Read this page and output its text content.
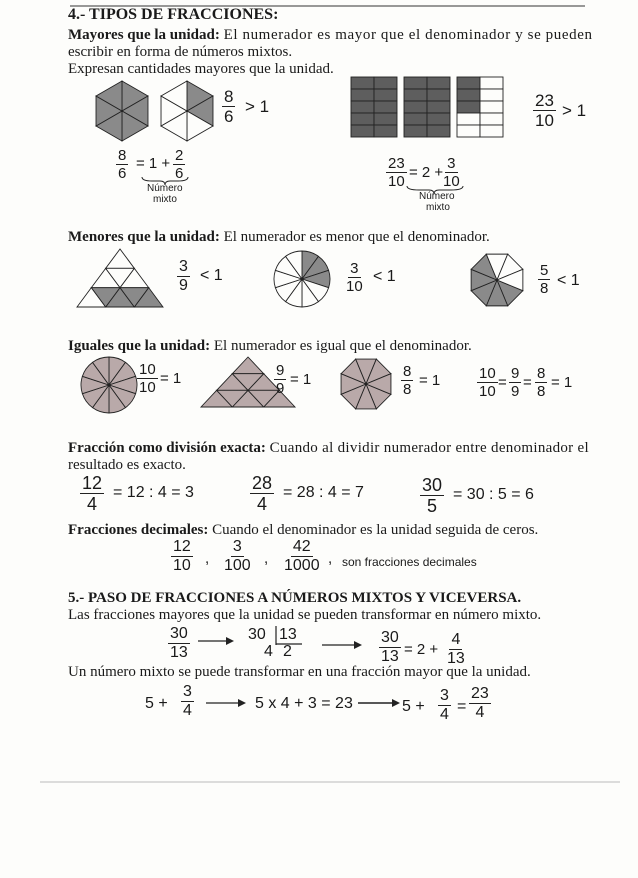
4.- TIPOS DE FRACCIONES:
Mayores que la unidad: El numerador es mayor que el denominador y se pueden
escribir en forma de números mixtos.
Expresan cantidades mayores que la unidad.
$\frac{8}{6} > 1$	$\frac{23}{10} > 1$
$\frac{8}{6} = 1 + \frac{2}{6}$
Número
mixto
$\frac{23}{10} = 2 + \frac{3}{10}$
Número
mixto
Menores que la unidad: El numerador es menor que el denominador.
$\frac{3}{9} < 1$	$\frac{3}{10} < 1$	$\frac{5}{8} < 1$
Iguales que la unidad: El numerador es igual que el denominador.
$\frac{10}{10} = 1$	$\frac{9}{9} = 1$	$\frac{8}{8} = 1 \frac{10}{10} = \frac{9}{9} = \frac{8}{8} = 1$
Fracción como división exacta: Cuando al dividir numerador entre denominador el
resultado es exacto.
$\frac{12}{4} = 12$ : 4 = 3	$\frac{28}{4} = 28$ : 4 = 7	$\frac{30}{5} = 30$ : 5 = 6
Fracciones decimales: Cuando el denominador es la unidad seguida de ceros.
$\frac{12}{10}$ , $\frac{3}{100}$ , $\frac{42}{1000}$ , son fracciones decimales
5.- PASO DE FRACCIONES A NÚMEROS MIXTOS Y VICEVERSA.
Las fracciones mayores que la unidad se pueden transformar en número mixto.
$\frac{30}{13}$	30 13
4 2	$\frac{30}{13} = 2 + \frac{4}{13}$
Un número mixto se puede transformar en una fracción mayor que la unidad.
$5 + \frac{3}{4}$	5 x 4 + 3 = 23	$5 + \frac{3}{4} = \frac{23}{4}$
